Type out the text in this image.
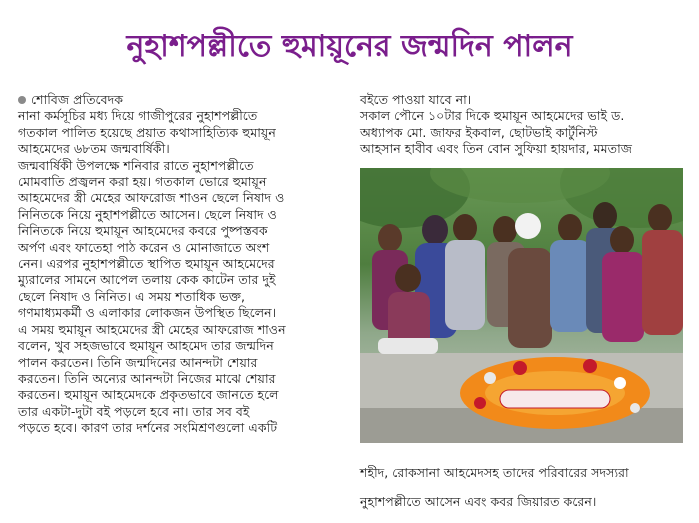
নুহাশপল্লীতে হুমায়ূনের জন্মদিন পালন
শোবিজ প্রতিবেদক

নানা কর্মসূচির মধ্য দিয়ে গাজীপুরের নুহাশপল্লীতে

গতকাল পালিত হয়েছে প্রয়াত কথাসাহিত্যিক হুমায়ূন

আহমেদের ৬৮তম জন্মবার্ষিকী।

জন্মবার্ষিকী উপলক্ষে শনিবার রাতে নুহাশপল্লীতে

মোমবাতি প্রজ্বলন করা হয়। গতকাল ভোরে হুমায়ূন

আহমেদের স্ত্রী মেহের আফরোজ শাওন ছেলে নিষাদ ও

নিনিতকে নিয়ে নুহাশপল্লীতে আসেন। ছেলে নিষাদ ও

নিনিতকে নিয়ে হুমায়ূন আহমেদের কবরে পুষ্পস্তবক

অর্পণ এবং ফাতেহা পাঠ করেন ও মোনাজাতে অংশ

নেন। এরপর নুহাশপল্লীতে স্থাপিত হুমায়ূন আহমেদের

ম্যুরালের সামনে আপেল তলায় কেক কাটেন তার দুই

ছেলে নিষাদ ও নিনিত। এ সময় শতাধিক ভক্ত,

গণমাধ্যমকর্মী ও এলাকার লোকজন উপস্থিত ছিলেন।

এ সময় হুমায়ূন আহমেদের স্ত্রী মেহের আফরোজ শাওন

বলেন, খুব সহজভাবে হুমায়ূন আহমেদ তার জন্মদিন

পালন করতেন। তিনি জন্মদিনের আনন্দটা শেয়ার

করতেন। তিনি অন্যের আনন্দটা নিজের মাঝে শেয়ার

করতেন। হুমায়ূন আহমেদকে প্রকৃতভাবে জানতে হলে

তার একটা-দুটা বই পড়লে হবে না। তার সব বই

পড়তে হবে। কারণ তার দর্শনের সংমিশ্রণগুলো একটি

বইতে পাওয়া যাবে না।

সকাল পৌনে ১০টার দিকে হুমায়ূন আহমেদের ভাই ড.

অধ্যাপক মো. জাফর ইকবাল, ছোটভাই কার্টুনিস্ট

আহসান হাবীব এবং তিন বোন সুফিয়া হায়দার, মমতাজ

শহীদ, রোকসানা আহমেদসহ তাদের পরিবারের সদস্যরা

নুহাশপল্লীতে আসেন এবং কবর জিয়ারত করেন।
